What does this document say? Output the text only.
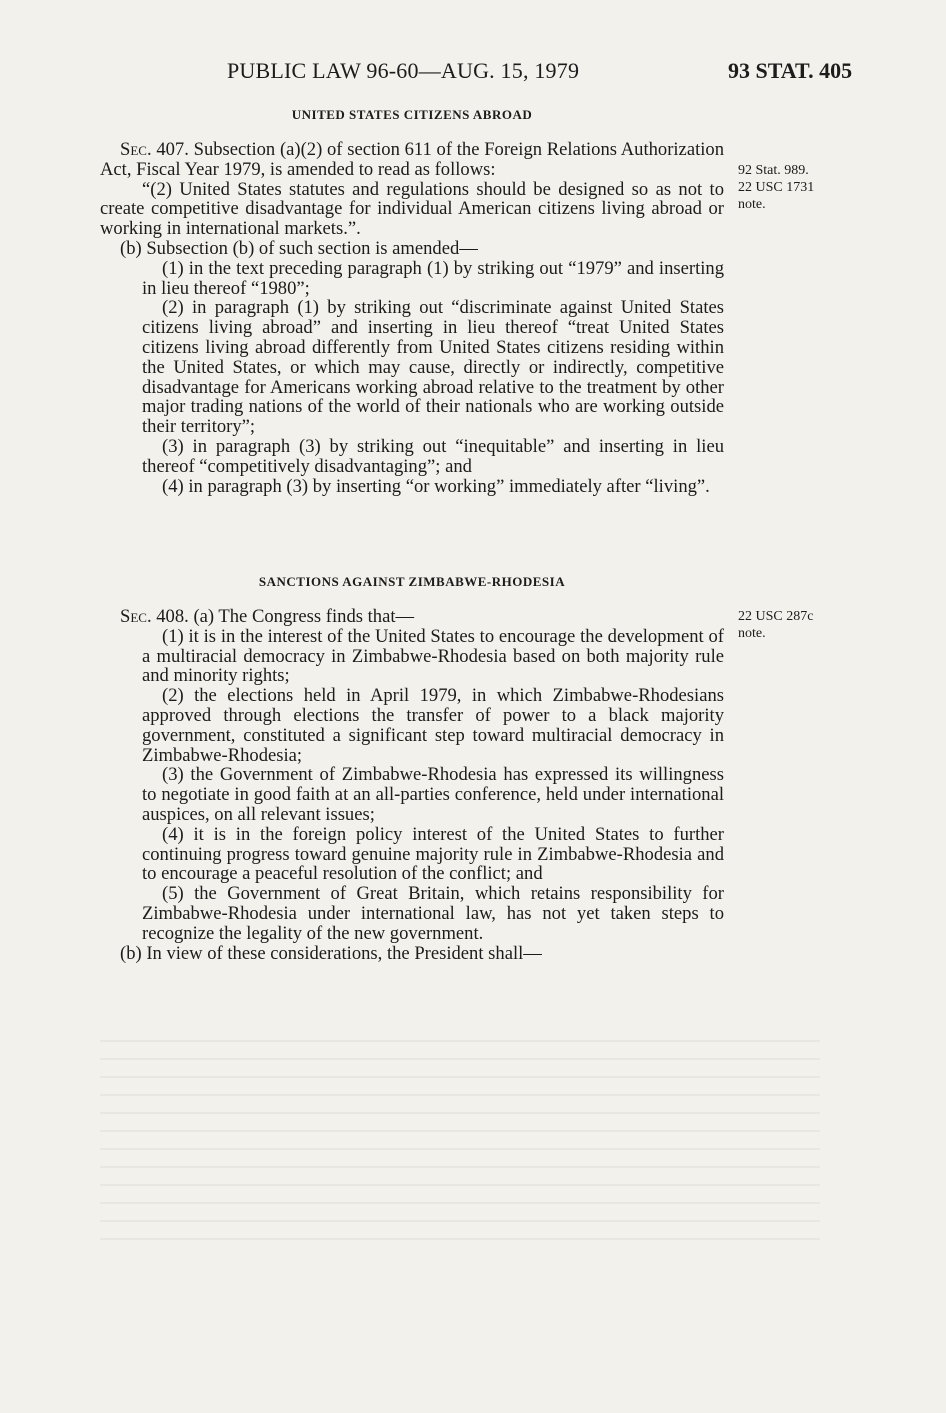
PUBLIC LAW 96-60—AUG. 15, 1979	93 STAT. 405
UNITED STATES CITIZENS ABROAD

Sec. 407. Subsection (a)(2) of section 611 of the Foreign Relations Authorization Act, Fiscal Year 1979, is amended to read as follows:

“(2) United States statutes and regulations should be designed so as not to create competitive disadvantage for individual American citizens living abroad or working in international markets.”.

(b) Subsection (b) of such section is amended—

(1) in the text preceding paragraph (1) by striking out “1979” and inserting in lieu thereof “1980”;

(2) in paragraph (1) by striking out “discriminate against United States citizens living abroad” and inserting in lieu thereof “treat United States citizens living abroad differently from United States citizens residing within the United States, or which may cause, directly or indirectly, competitive disadvantage for Americans working abroad relative to the treatment by other major trading nations of the world of their nationals who are working outside their territory”;

(3) in paragraph (3) by striking out “inequitable” and inserting in lieu thereof “competitively disadvantaging”; and

(4) in paragraph (3) by inserting “or working” immediately after “living”.

92 Stat. 989.
22 USC 1731
note.
SANCTIONS AGAINST ZIMBABWE-RHODESIA

Sec. 408. (a) The Congress finds that—

(1) it is in the interest of the United States to encourage the development of a multiracial democracy in Zimbabwe-Rhodesia based on both majority rule and minority rights;

(2) the elections held in April 1979, in which Zimbabwe-Rhodesians approved through elections the transfer of power to a black majority government, constituted a significant step toward multiracial democracy in Zimbabwe-Rhodesia;

(3) the Government of Zimbabwe-Rhodesia has expressed its willingness to negotiate in good faith at an all-parties conference, held under international auspices, on all relevant issues;

(4) it is in the foreign policy interest of the United States to further continuing progress toward genuine majority rule in Zimbabwe-Rhodesia and to encourage a peaceful resolution of the conflict; and

(5) the Government of Great Britain, which retains responsibility for Zimbabwe-Rhodesia under international law, has not yet taken steps to recognize the legality of the new government.

(b) In view of these considerations, the President shall—

22 USC 287c
note.
